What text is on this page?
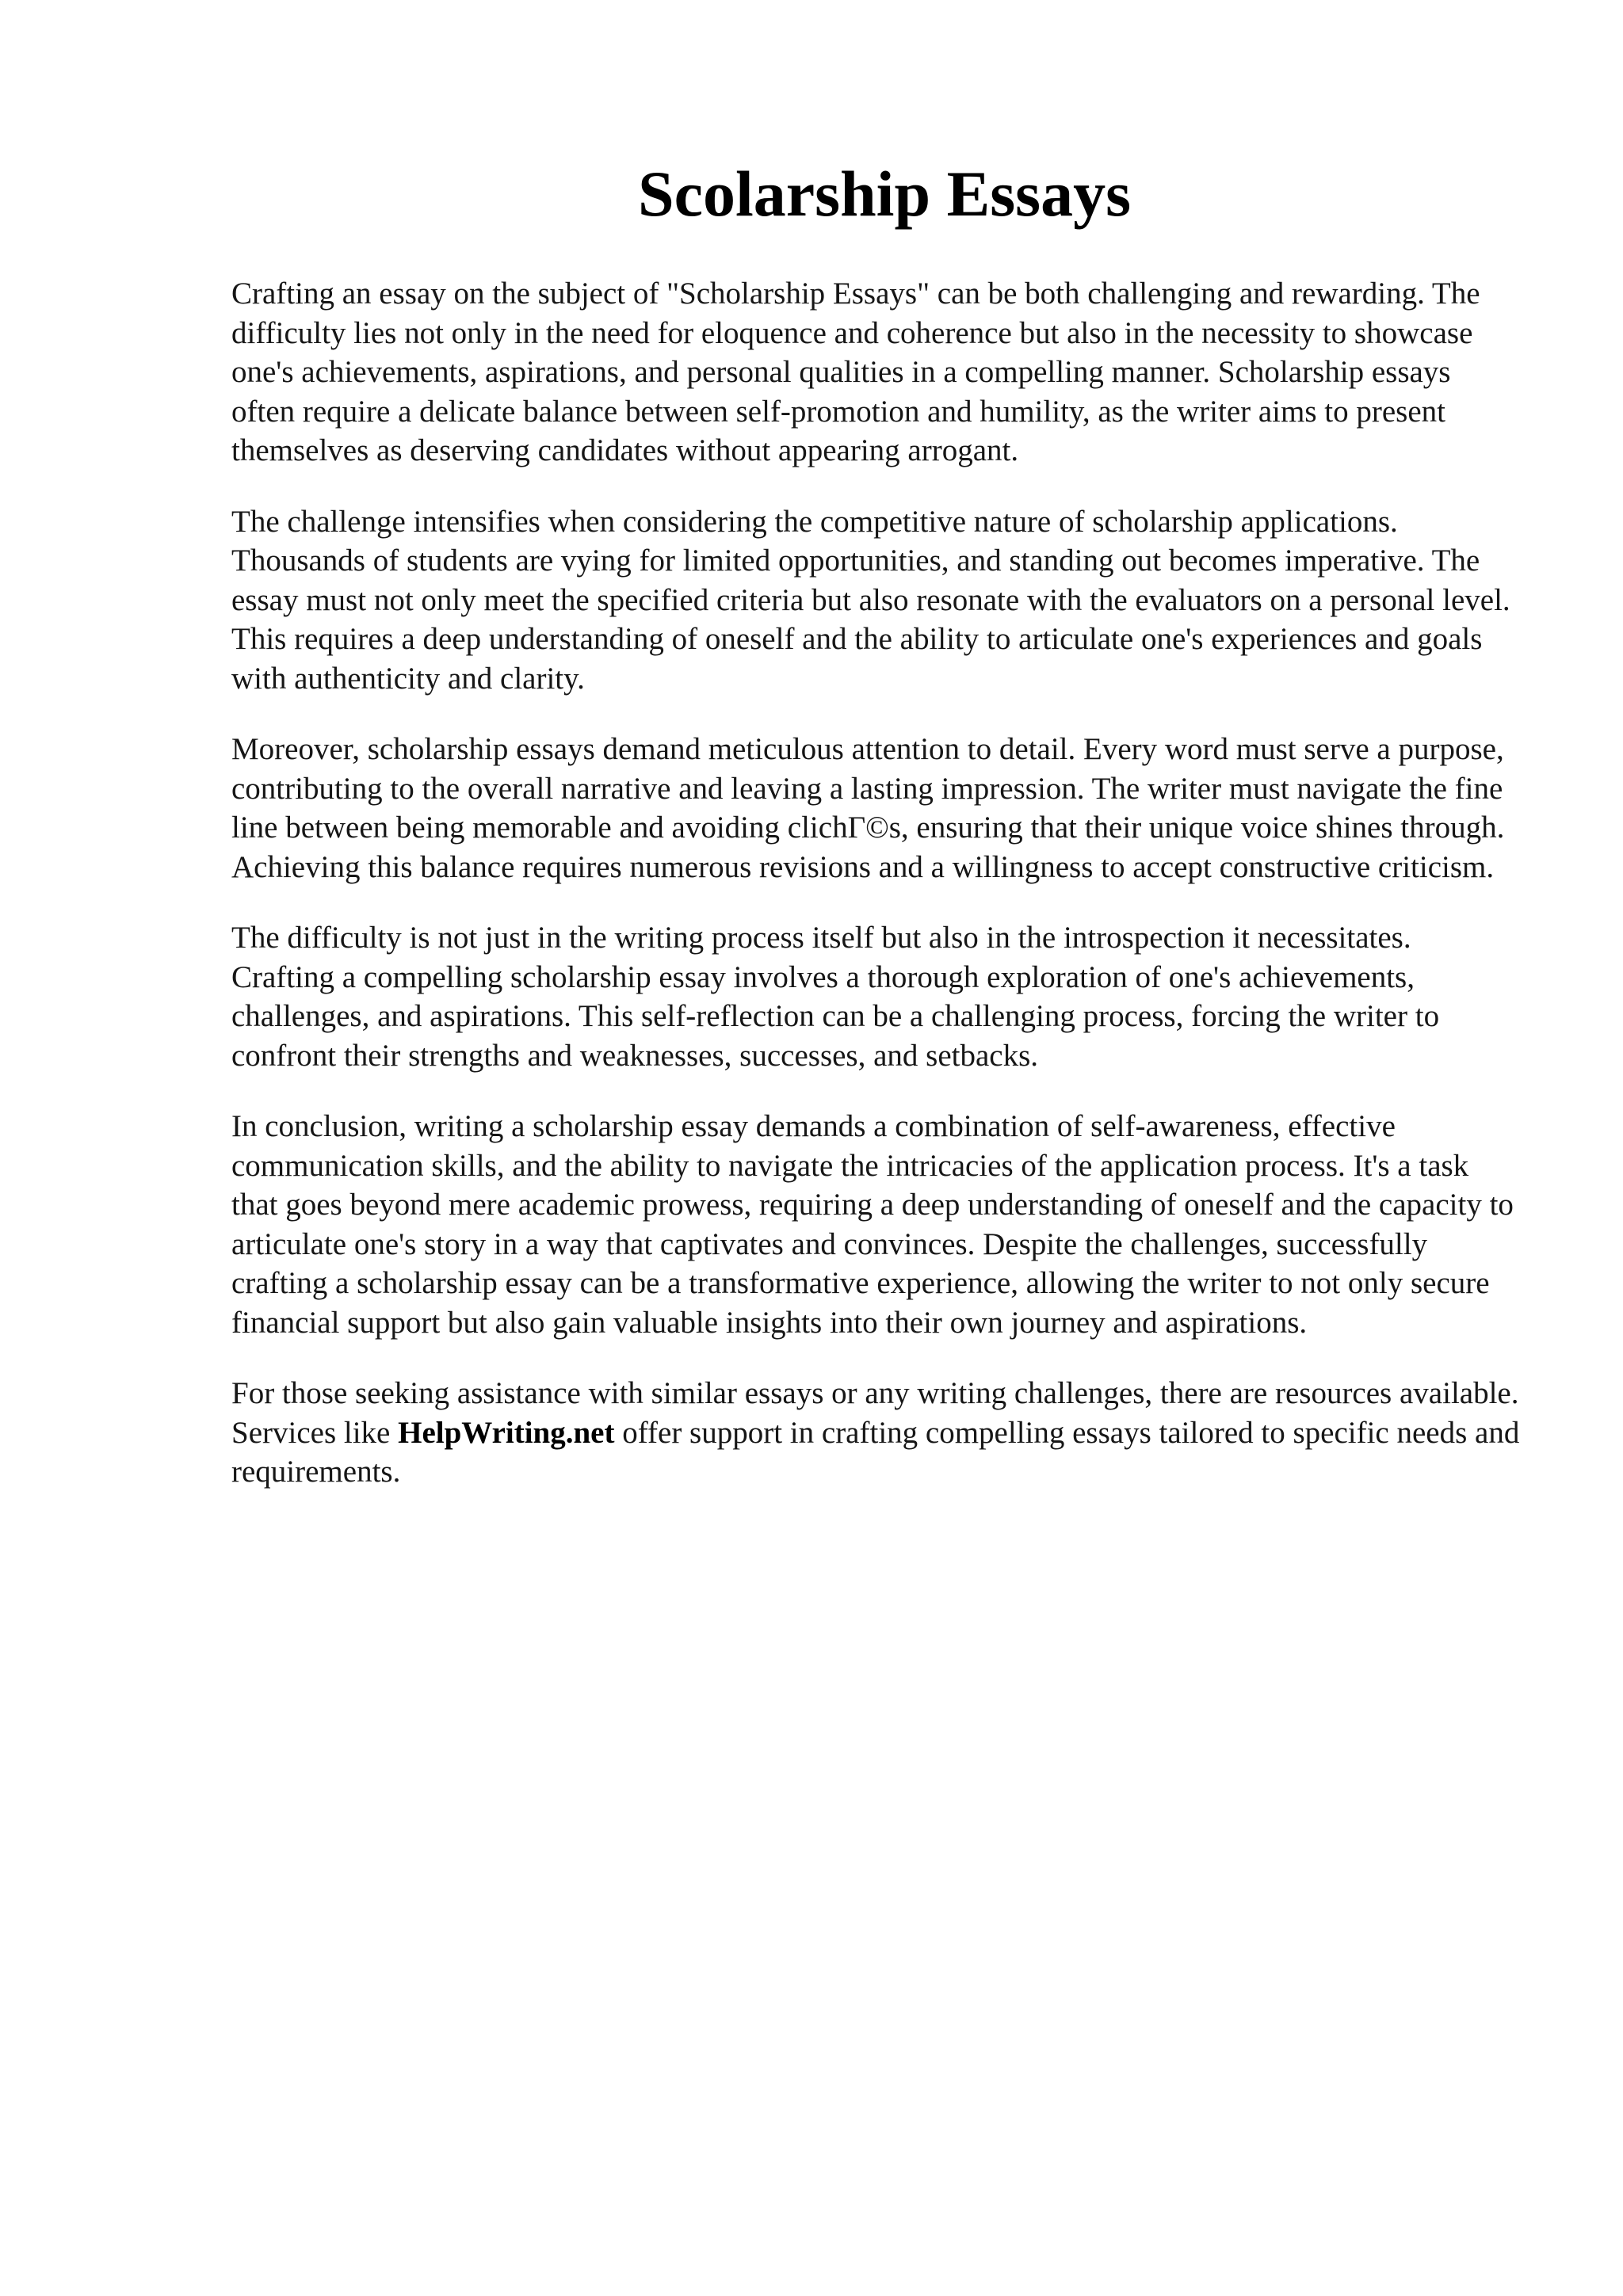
Scolarship Essays

Crafting an essay on the subject of "Scholarship Essays" can be both challenging and rewarding. The difficulty lies not only in the need for eloquence and coherence but also in the necessity to showcase one's achievements, aspirations, and personal qualities in a compelling manner. Scholarship essays often require a delicate balance between self-promotion and humility, as the writer aims to present themselves as deserving candidates without appearing arrogant.

The challenge intensifies when considering the competitive nature of scholarship applications. Thousands of students are vying for limited opportunities, and standing out becomes imperative. The essay must not only meet the specified criteria but also resonate with the evaluators on a personal level. This requires a deep understanding of oneself and the ability to articulate one's experiences and goals with authenticity and clarity.

Moreover, scholarship essays demand meticulous attention to detail. Every word must serve a purpose, contributing to the overall narrative and leaving a lasting impression. The writer must navigate the fine line between being memorable and avoiding clichΓ©s, ensuring that their unique voice shines through. Achieving this balance requires numerous revisions and a willingness to accept constructive criticism.

The difficulty is not just in the writing process itself but also in the introspection it necessitates. Crafting a compelling scholarship essay involves a thorough exploration of one's achievements, challenges, and aspirations. This self-reflection can be a challenging process, forcing the writer to confront their strengths and weaknesses, successes, and setbacks.

In conclusion, writing a scholarship essay demands a combination of self-awareness, effective communication skills, and the ability to navigate the intricacies of the application process. It's a task that goes beyond mere academic prowess, requiring a deep understanding of oneself and the capacity to articulate one's story in a way that captivates and convinces. Despite the challenges, successfully crafting a scholarship essay can be a transformative experience, allowing the writer to not only secure financial support but also gain valuable insights into their own journey and aspirations.

For those seeking assistance with similar essays or any writing challenges, there are resources available. Services like HelpWriting.net offer support in crafting compelling essays tailored to specific needs and requirements.
